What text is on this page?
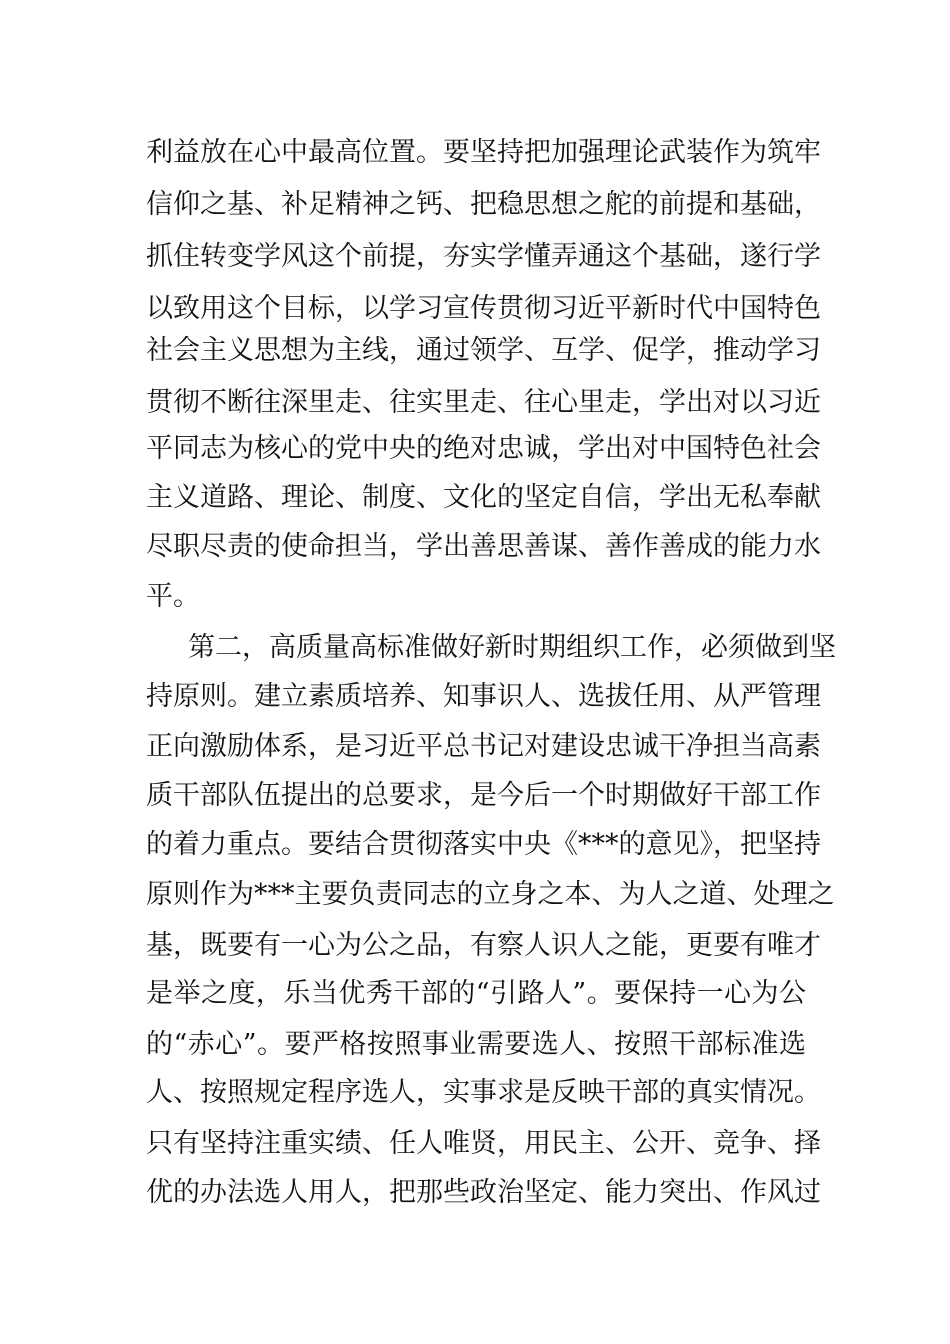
利益放在心中最高位置。要坚持把加强理论武装作为筑牢
信仰之基、补足精神之钙、把稳思想之舵的前提和基础，
抓住转变学风这个前提，夯实学懂弄通这个基础，遂行学
以致用这个目标，以学习宣传贯彻习近平新时代中国特色
社会主义思想为主线，通过领学、互学、促学，推动学习
贯彻不断往深里走、往实里走、往心里走，学出对以习近
平同志为核心的党中央的绝对忠诚，学出对中国特色社会
主义道路、理论、制度、文化的坚定自信，学出无私奉献
尽职尽责的使命担当，学出善思善谋、善作善成的能力水
平。
第二，高质量高标准做好新时期组织工作，必须做到坚
持原则。建立素质培养、知事识人、选拔任用、从严管理
正向激励体系，是习近平总书记对建设忠诚干净担当高素
质干部队伍提出的总要求，是今后一个时期做好干部工作
的着力重点。要结合贯彻落实中央《***的意见》，把坚持
原则作为***主要负责同志的立身之本、为人之道、处理之
基，既要有一心为公之品，有察人识人之能，更要有唯才
是举之度，乐当优秀干部的“引路人”。要保持一心为公
的“赤心”。要严格按照事业需要选人、按照干部标准选
人、按照规定程序选人，实事求是反映干部的真实情况。
只有坚持注重实绩、任人唯贤，用民主、公开、竞争、择
优的办法选人用人，把那些政治坚定、能力突出、作风过
